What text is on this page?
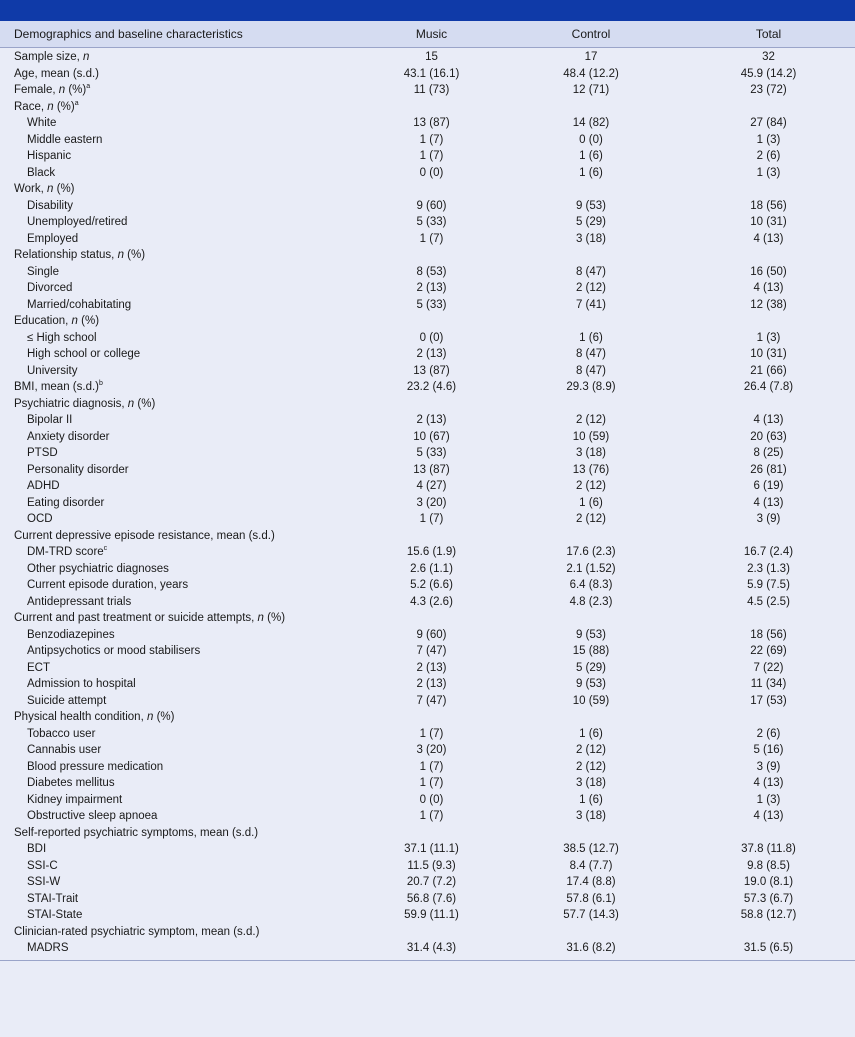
Demographics and baseline characteristics	Music	Control	Total
Sample size, n	15	17	32
Age, mean (s.d.)	43.1 (16.1)	48.4 (12.2)	45.9 (14.2)
Female, n (%)$^a$	11 (73)	12 (71)	23 (72)
Race, n (%)$^a$
White	13 (87)	14 (82)	27 (84)
Middle eastern	1 (7)	0 (0)	1 (3)
Hispanic	1 (7)	1 (6)	2 (6)
Black	0 (0)	1 (6)	1 (3)
Work, n (%)
Disability	9 (60)	9 (53)	18 (56)
Unemployed/retired	5 (33)	5 (29)	10 (31)
Employed	1 (7)	3 (18)	4 (13)
Relationship status, n (%)
Single	8 (53)	8 (47)	16 (50)
Divorced	2 (13)	2 (12)	4 (13)
Married/cohabitating	5 (33)	7 (41)	12 (38)
Education, n (%)
≤ High school	0 (0)	1 (6)	1 (3)
High school or college	2 (13)	8 (47)	10 (31)
University	13 (87)	8 (47)	21 (66)
BMI, mean $(s.d.)^b$	23.2 (4.6)	29.3 (8.9)	26.4 (7.8)
Psychiatric diagnosis, n (%)
Bipolar II	2 (13)	2 (12)	4 (13)
Anxiety disorder	10 (67)	10 (59)	20 (63)
PTSD	5 (33)	3 (18)	8 (25)
Personality disorder	13 (87)	13 (76)	26 (81)
ADHD	4 (27)	2 (12)	6 (19)
Eating disorder	3 (20)	1 (6)	4 (13)
OCD	1 (7)	2 (12)	3 (9)
Current depressive episode resistance, mean (s.d.)
DM-TRD score$^c$	15.6 (1.9)	17.6 (2.3)	16.7 (2.4)
Other psychiatric diagnoses	2.6 (1.1)	2.1 (1.52)	2.3 (1.3)
Current episode duration, years	5.2 (6.6)	6.4 (8.3)	5.9 (7.5)
Antidepressant trials	4.3 (2.6)	4.8 (2.3)	4.5 (2.5)
Current and past treatment or suicide attempts, n (%)
Benzodiazepines	9 (60)	9 (53)	18 (56)
Antipsychotics or mood stabilisers	7 (47)	15 (88)	22 (69)
ECT	2 (13)	5 (29)	7 (22)
Admission to hospital	2 (13)	9 (53)	11 (34)
Suicide attempt	7 (47)	10 (59)	17 (53)
Physical health condition, n (%)
Tobacco user	1 (7)	1 (6)	2 (6)
Cannabis user	3 (20)	2 (12)	5 (16)
Blood pressure medication	1 (7)	2 (12)	3 (9)
Diabetes mellitus	1 (7)	3 (18)	4 (13)
Kidney impairment	0 (0)	1 (6)	1 (3)
Obstructive sleep apnoea	1 (7)	3 (18)	4 (13)
Self-reported psychiatric symptoms, mean (s.d.)
BDI	37.1 (11.1)	38.5 (12.7)	37.8 (11.8)
SSI-C	11.5 (9.3)	8.4 (7.7)	9.8 (8.5)
SSI-W	20.7 (7.2)	17.4 (8.8)	19.0 (8.1)
STAI-Trait	56.8 (7.6)	57.8 (6.1)	57.3 (6.7)
STAI-State	59.9 (11.1)	57.7 (14.3)	58.8 (12.7)
Clinician-rated psychiatric symptom, mean (s.d.)
MADRS	31.4 (4.3)	31.6 (8.2)	31.5 (6.5)
